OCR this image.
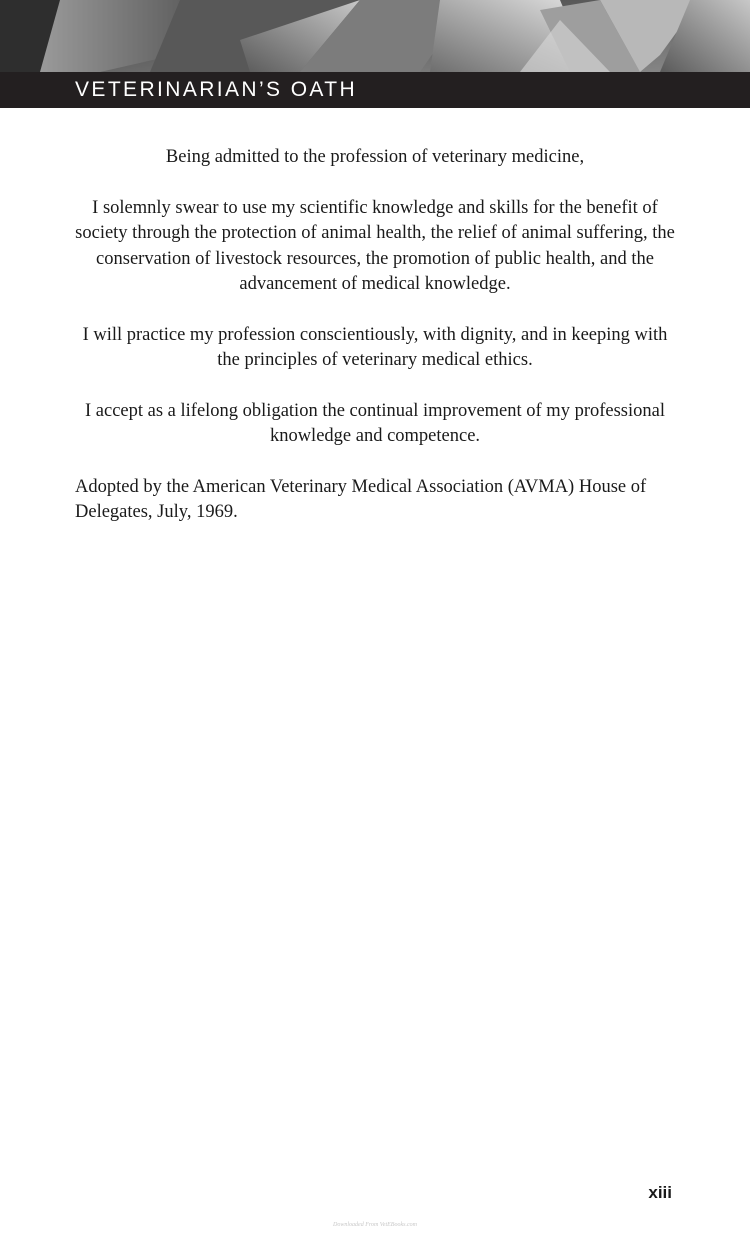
VETERINARIAN’S OATH

Being admitted to the profession of veterinary medicine,

I solemnly swear to use my scientific knowledge and skills for the benefit of society through the protection of animal health, the relief of animal suffering, the conservation of livestock resources, the promotion of public health, and the advancement of medical knowledge.

I will practice my profession conscientiously, with dignity, and in keeping with the principles of veterinary medical ethics.

I accept as a lifelong obligation the continual improvement of my professional knowledge and competence.

Adopted by the American Veterinary Medical Association (AVMA) House of Delegates, July, 1969.

xiii
Downloaded From VetEBooks.com
